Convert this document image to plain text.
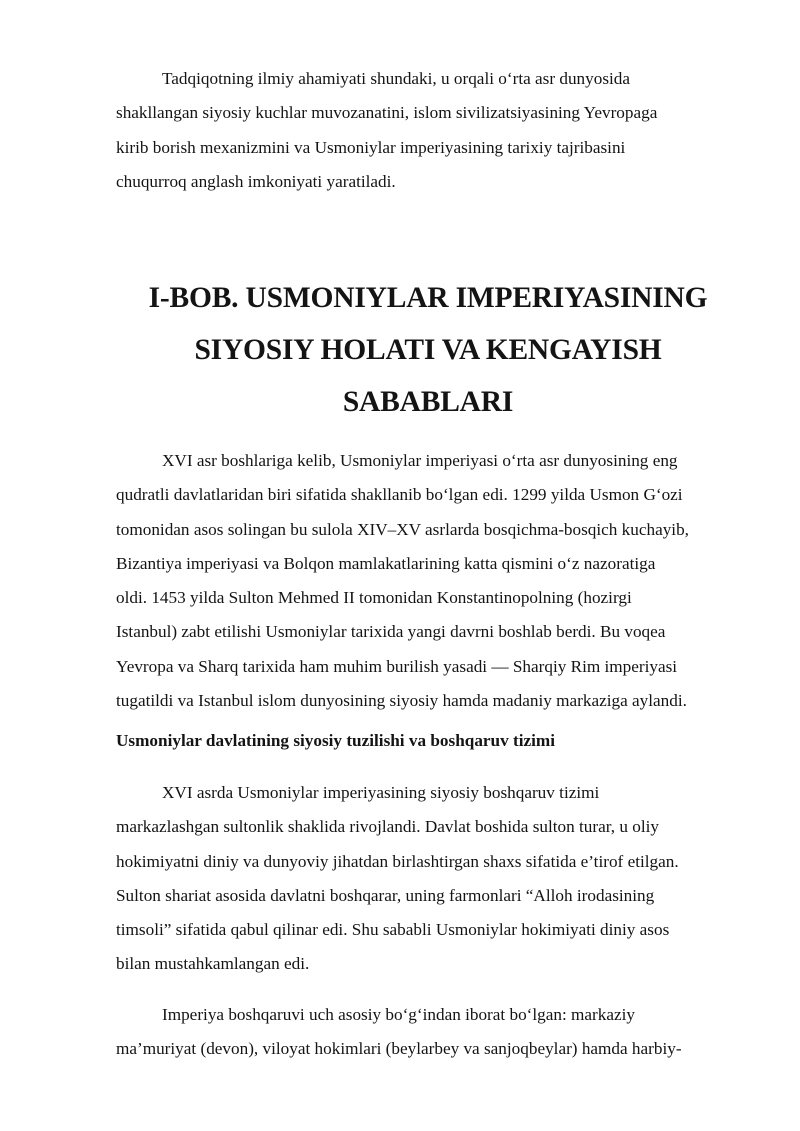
Tadqiqotning ilmiy ahamiyati shundaki, u orqali o‘rta asr dunyosida
shakllangan siyosiy kuchlar muvozanatini, islom sivilizatsiyasining Yevropaga
kirib borish mexanizmini va Usmoniylar imperiyasining tarixiy tajribasini
chuqurroq anglash imkoniyati yaratiladi.

I-BOB. USMONIYLAR IMPERIYASINING
SIYOSIY HOLATI VA KENGAYISH
SABABLARI

XVI asr boshlariga kelib, Usmoniylar imperiyasi o‘rta asr dunyosining eng
qudratli davlatlaridan biri sifatida shakllanib bo‘lgan edi. 1299 yilda Usmon G‘ozi
tomonidan asos solingan bu sulola XIV–XV asrlarda bosqichma-bosqich kuchayib,
Bizantiya imperiyasi va Bolqon mamlakatlarining katta qismini o‘z nazoratiga
oldi. 1453 yilda Sulton Mehmed II tomonidan Konstantinopolning (hozirgi
Istanbul) zabt etilishi Usmoniylar tarixida yangi davrni boshlab berdi. Bu voqea
Yevropa va Sharq tarixida ham muhim burilish yasadi — Sharqiy Rim imperiyasi
tugatildi va Istanbul islom dunyosining siyosiy hamda madaniy markaziga aylandi.

Usmoniylar davlatining siyosiy tuzilishi va boshqaruv tizimi

XVI asrda Usmoniylar imperiyasining siyosiy boshqaruv tizimi
markazlashgan sultonlik shaklida rivojlandi. Davlat boshida sulton turar, u oliy
hokimiyatni diniy va dunyoviy jihatdan birlashtirgan shaxs sifatida e’tirof etilgan.
Sulton shariat asosida davlatni boshqarar, uning farmonlari “Alloh irodasining
timsoli” sifatida qabul qilinar edi. Shu sababli Usmoniylar hokimiyati diniy asos
bilan mustahkamlangan edi.

Imperiya boshqaruvi uch asosiy bo‘g‘indan iborat bo‘lgan: markaziy
ma’muriyat (devon), viloyat hokimlari (beylarbey va sanjoqbeylar) hamda harbiy-
